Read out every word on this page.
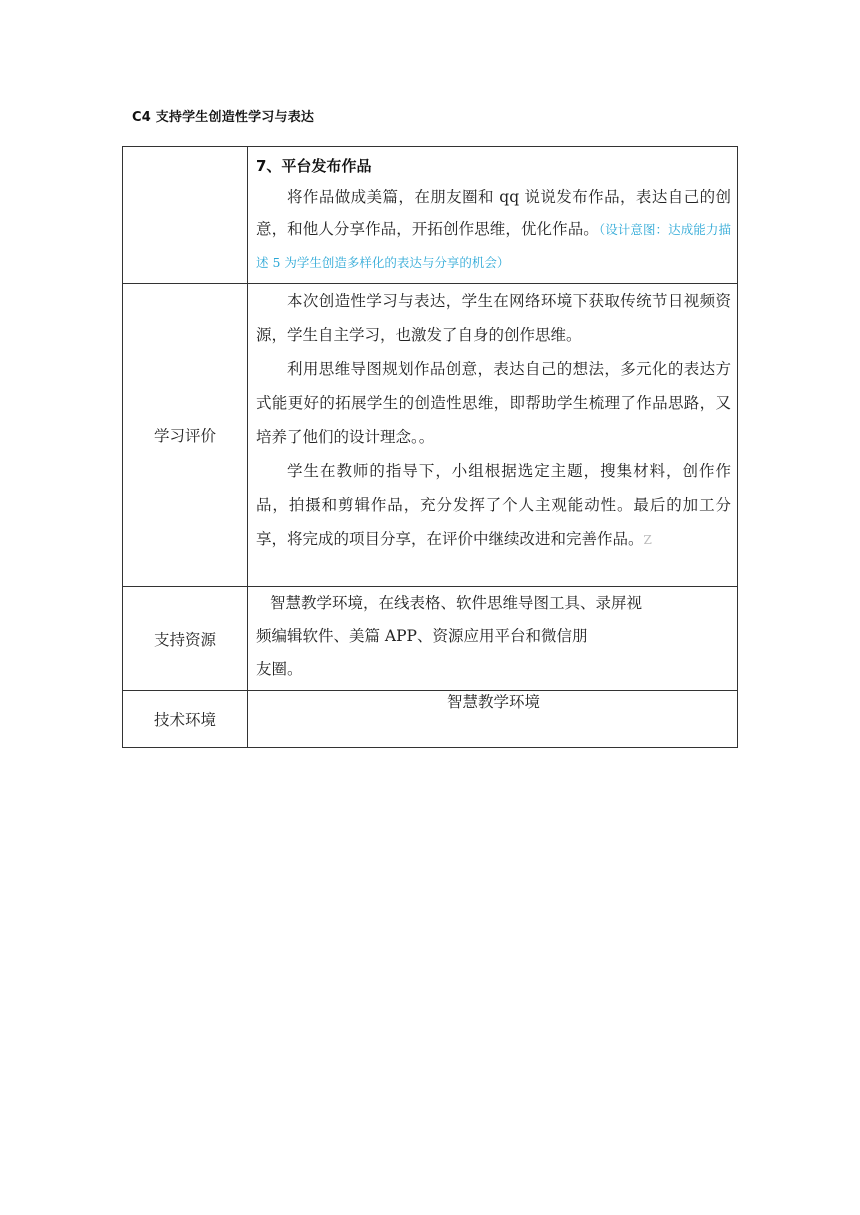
C4 支持学生创造性学习与表达

	7、平台发布作品

将作品做成美篇，在朋友圈和 qq 说说发布作品，表达自己的创意，和他人分享作品，开拓创作思维，优化作品。（设计意图：达成能力描述 5 为学生创造多样化的表达与分享的机会）

学习评价	本次创造性学习与表达，学生在网络环境下获取传统节日视频资源，学生自主学习，也激发了自身的创作思维。

利用思维导图规划作品创意，表达自己的想法，多元化的表达方式能更好的拓展学生的创造性思维，即帮助学生梳理了作品思路，又培养了他们的设计理念。。

学生在教师的指导下，小组根据选定主题，搜集材料，创作作品，拍摄和剪辑作品，充分发挥了个人主观能动性。最后的加工分享，将完成的项目分享，在评价中继续改进和完善作品。Z

支持资源	智慧教学环境，在线表格、软件思维导图工具、录屏视
频编辑软件、美篇 APP、资源应用平台和微信朋
友圈。

技术环境	智慧教学环境
